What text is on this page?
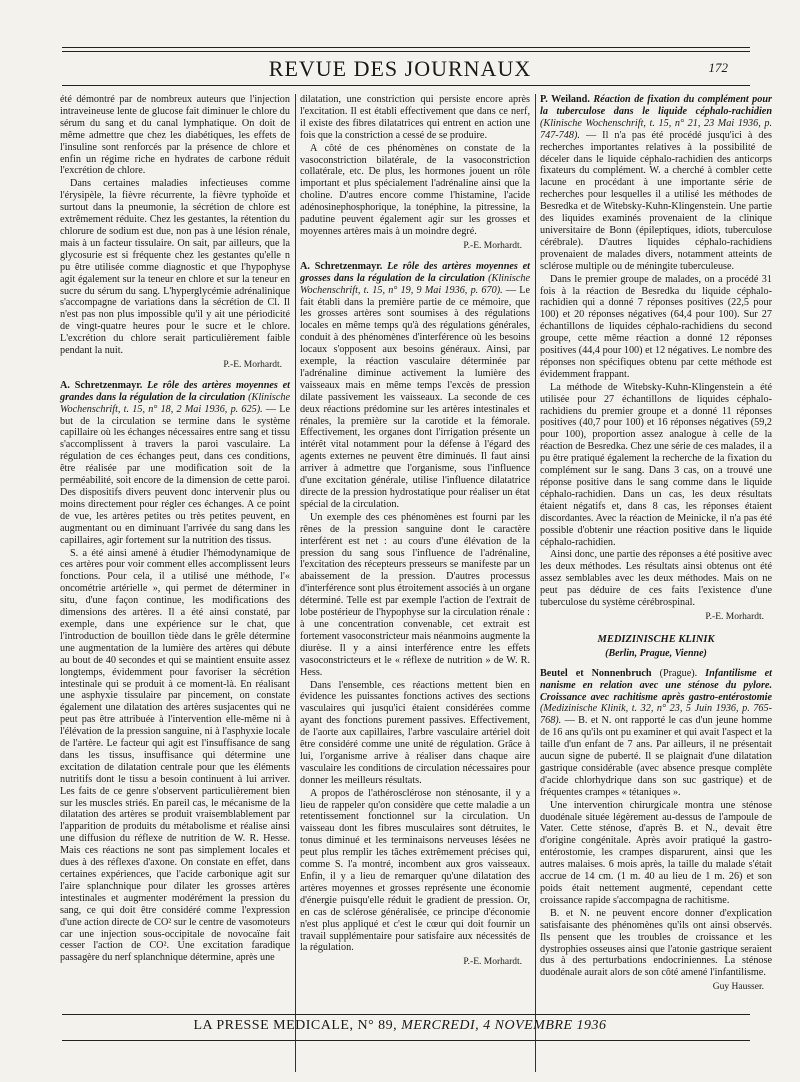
REVUE DES JOURNAUX	172

été démontré par de nombreux auteurs que l'injection intraveineuse lente de glucose fait diminuer le chlore du sérum du sang et du canal lymphatique. On doit de même admettre que chez les diabétiques, les effets de l'insuline sont renforcés par la présence de chlore et enfin un régime riche en hydrates de carbone réduit l'excrétion de chlore.

Dans certaines maladies infectieuses comme l'érysipèle, la fièvre récurrente, la fièvre typhoïde et surtout dans la pneumonie, la sécrétion de chlore est extrêmement réduite. Chez les gestantes, la rétention du chlorure de sodium est due, non pas à une lésion rénale, mais à un facteur tissulaire. On sait, par ailleurs, que la glycosurie est si fréquente chez les gestantes qu'elle n pu être utilisée comme diagnostic et que l'hypophyse agit également sur la teneur en chlore et sur la teneur en sucre du sérum du sang. L'hyperglycémie adrénalinique s'accompagne de variations dans la sécrétion de Cl. Il n'est pas non plus impossible qu'il y ait une périodicité de vingt-quatre heures pour le sucre et le chlore. L'excrétion du chlore serait particulièrement faible pendant la nuit.

P.-E. Morhardt.

A. Schretzenmayr. Le rôle des artères moyennes et grandes dans la régulation de la circulation (Klinische Wochenschrift, t. 15, n° 18, 2 Mai 1936, p. 625). — Le but de la circulation se termine dans le système capillaire où les échanges nécessaires entre sang et tissu s'accomplissent à travers la paroi vasculaire. La régulation de ces échanges peut, dans ces conditions, être réalisée par une modification soit de la perméabilité, soit encore de la dimension de cette paroi. Des dispositifs divers peuvent donc intervenir plus ou moins directement pour régler ces échanges. A ce point de vue, les artères petites ou très petites peuvent, en augmentant ou en diminuant l'arrivée du sang dans les capillaires, agir fortement sur la nutrition des tissus.

S. a été ainsi amené à étudier l'hémodynamique de ces artères pour voir comment elles accomplissent leurs fonctions. Pour cela, il a utilisé une méthode, l'« oncométrie artérielle », qui permet de déterminer in situ, d'une façon continue, les modifications des dimensions des artères. Il a été ainsi constaté, par exemple, dans une expérience sur le chat, que l'introduction de bouillon tiède dans le grêle détermine une augmentation de la lumière des artères qui débute au bout de 40 secondes et qui se maintient ensuite assez longtemps, évidemment pour favoriser la sécrétion intestinale qui se produit à ce moment-là. En réalisant une asphyxie tissulaire par pincement, on constate également une dilatation des artères susjacentes qui ne peut pas être attribuée à l'intervention elle-même ni à l'élévation de la pression sanguine, ni à l'asphyxie locale de l'artère. Le facteur qui agit est l'insuffisance de sang dans les tissus, insuffisance qui détermine une excitation de dilatation centrale pour que les éléments nutritifs dont le tissu a besoin continuent à lui arriver. Les faits de ce genre s'observent particulièrement bien sur les muscles striés. En pareil cas, le mécanisme de la dilatation des artères se produit vraisemblablement par l'apparition de produits du métabolisme et réalise ainsi une diffusion du réflexe de nutrition de W. R. Hesse. Mais ces réactions ne sont pas simplement locales et dues à des réflexes d'axone. On constate en effet, dans certaines expériences, que l'acide carbonique agit sur l'aire splanchnique pour dilater les grosses artères intestinales et augmenter modérément la pression du sang, ce qui doit être considéré comme l'expression d'une action directe de CO² sur le centre de vasomoteurs car une injection sous-occipitale de novocaïne fait cesser l'action de CO². Une excitation faradique passagère du nerf splanchnique détermine, après une

dilatation, une constriction qui persiste encore après l'excitation. Il est établi effectivement que dans ce nerf, il existe des fibres dilatatrices qui entrent en action une fois que la constriction a cessé de se produire.

A côté de ces phénomènes on constate de la vasoconstriction bilatérale, de la vasoconstriction collatérale, etc. De plus, les hormones jouent un rôle important et plus spécialement l'adrénaline ainsi que la choline. D'autres encore comme l'histamine, l'acide adénosinephosphorique, la tonéphine, la pitressine, la padutine peuvent également agir sur les grosses et moyennes artères mais à un moindre degré.

P.-E. Morhardt.

A. Schretzenmayr. Le rôle des artères moyennes et grosses dans la régulation de la circulation (Klinische Wochenschrift, t. 15, n° 19, 9 Mai 1936, p. 670). — Le fait établi dans la première partie de ce mémoire, que les grosses artères sont soumises à des régulations locales en même temps qu'à des régulations générales, conduit à des phénomènes d'interférence où les besoins locaux s'opposent aux besoins généraux. Ainsi, par exemple, la réaction vasculaire déterminée par l'adrénaline diminue activement la lumière des vaisseaux mais en même temps l'excès de pression dilate passivement les vaisseaux. La seconde de ces deux réactions prédomine sur les artères intestinales et rénales, la première sur la carotide et la fémorale. Effectivement, les organes dont l'irrigation présente un intérêt vital notamment pour la défense à l'égard des agents externes ne peuvent être diminués. Il faut ainsi arriver à admettre que l'organisme, sous l'influence d'une excitation générale, utilise l'influence dilatatrice directe de la pression hydrostatique pour réaliser un état spécial de la circulation.

Un exemple des ces phénomènes est fourni par les rênes de la pression sanguine dont le caractère interférent est net : au cours d'une élévation de la pression du sang sous l'influence de l'adrénaline, l'excitation des récepteurs presseurs se manifeste par un abaissement de la pression. D'autres processus d'interférence sont plus étroitement associés à un organe déterminé. Telle est par exemple l'action de l'extrait de lobe postérieur de l'hypophyse sur la circulation rénale : à une concentration convenable, cet extrait est fortement vasoconstricteur mais néanmoins augmente la diurèse. Il y a ainsi interférence entre les effets vasoconstricteurs et le « réflexe de nutrition » de W. R. Hess.

Dans l'ensemble, ces réactions mettent bien en évidence les puissantes fonctions actives des sections vasculaires qui jusqu'ici étaient considérées comme ayant des fonctions purement passives. Effectivement, de l'aorte aux capillaires, l'arbre vasculaire artériel doit être considéré comme une unité de régulation. Grâce à lui, l'organisme arrive à réaliser dans chaque aire vasculaire les conditions de circulation nécessaires pour donner les meilleurs résultats.

A propos de l'athérosclérose non sténosante, il y a lieu de rappeler qu'on considère que cette maladie a un retentissement fonctionnel sur la circulation. Un vaisseau dont les fibres musculaires sont détruites, le tonus diminué et les terminaisons nerveuses lésées ne peut plus remplir les tâches extrêmement précises qui, comme S. l'a montré, incombent aux gros vaisseaux. Enfin, il y a lieu de remarquer qu'une dilatation des artères moyennes et grosses représente une économie d'énergie puisqu'elle réduit le gradient de pression. Or, en cas de sclérose généralisée, ce principe d'économie n'est plus appliqué et c'est le cœur qui doit fournir un travail supplémentaire pour satisfaire aux nécessités de la régulation.

P.-E. Morhardt.

P. Weiland. Réaction de fixation du complément pour la tuberculose dans le liquide céphalo-rachidien (Klinische Wochenschrift, t. 15, n° 21, 23 Mai 1936, p. 747-748). — Il n'a pas été procédé jusqu'ici à des recherches importantes relatives à la possibilité de déceler dans le liquide céphalo-rachidien des anticorps fixateurs du complément. W. a cherché à combler cette lacune en procédant à une importante série de recherches pour lesquelles il a utilisé les méthodes de Besredka et de Witebsky-Kuhn-Klingenstein. Une partie des liquides examinés provenaient de la clinique universitaire de Bonn (épileptiques, idiots, tuberculose cérébrale). D'autres liquides céphalo-rachidiens provenaient de malades divers, notamment atteints de sclérose multiple ou de méningite tuberculeuse.

Dans le premier groupe de malades, on a procédé 31 fois à la réaction de Besredka du liquide céphalo-rachidien qui a donné 7 réponses positives (22,5 pour 100) et 20 réponses négatives (64,4 pour 100). Sur 27 échantillons de liquides céphalo-rachidiens du second groupe, cette même réaction a donné 12 réponses positives (44,4 pour 100) et 12 négatives. Le nombre des réponses non spécifiques obtenu par cette méthode est évidemment frappant.

La méthode de Witebsky-Kuhn-Klingenstein a été utilisée pour 27 échantillons de liquides céphalo-rachidiens du premier groupe et a donné 11 réponses positives (40,7 pour 100) et 16 réponses négatives (59,2 pour 100), proportion assez analogue à celle de la réaction de Besredka. Chez une série de ces malades, il a pu être pratiqué également la recherche de la fixation du complément sur le sang. Dans 3 cas, on a trouvé une réponse positive dans le sang comme dans le liquide céphalo-rachidien. Dans un cas, les deux résultats étaient négatifs et, dans 8 cas, les réponses étaient discordantes. Avec la réaction de Meinicke, il n'a pas été possible d'obtenir une réaction positive dans le liquide céphalo-rachidien.

Ainsi donc, une partie des réponses a été positive avec les deux méthodes. Les résultats ainsi obtenus ont été assez semblables avec les deux méthodes. Mais on ne peut pas déduire de ces faits l'existence d'une tuberculose du système cérébrospinal.

P.-E. Morhardt.

MEDIZINISCHE KLINIK

(Berlin, Prague, Vienne)

Beutel et Nonnenbruch (Prague). Infantilisme et nanisme en relation avec une sténose du pylore. Croissance avec rachitisme après gastro-entérostomie (Medizinische Klinik, t. 32, n° 23, 5 Juin 1936, p. 765-768). — B. et N. ont rapporté le cas d'un jeune homme de 16 ans qu'ils ont pu examiner et qui avait l'aspect et la taille d'un enfant de 7 ans. Par ailleurs, il ne présentait aucun signe de puberté. Il se plaignait d'une dilatation gastrique considérable (avec absence presque complète d'acide chlorhydrique dans son suc gastrique) et de fréquentes crampes « tétaniques ».

Une intervention chirurgicale montra une sténose duodénale située légèrement au-dessus de l'ampoule de Vater. Cette sténose, d'après B. et N., devait être d'origine congénitale. Après avoir pratiqué la gastro-entérostomie, les crampes disparurent, ainsi que les autres malaises. 6 mois après, la taille du malade s'était accrue de 14 cm. (1 m. 40 au lieu de 1 m. 26) et son poids était nettement augmenté, cependant cette croissance rapide s'accompagna de rachitisme.

B. et N. ne peuvent encore donner d'explication satisfaisante des phénomènes qu'ils ont ainsi observés. Ils pensent que les troubles de croissance et les dystrophies osseuses ainsi que l'atonie gastrique seraient dus à des perturbations endocriniennes. La sténose duodénale aurait alors de son côté amené l'infantilisme.

Guy Hausser.

LA PRESSE MEDICALE, N° 89, MERCREDI, 4 NOVEMBRE 1936
